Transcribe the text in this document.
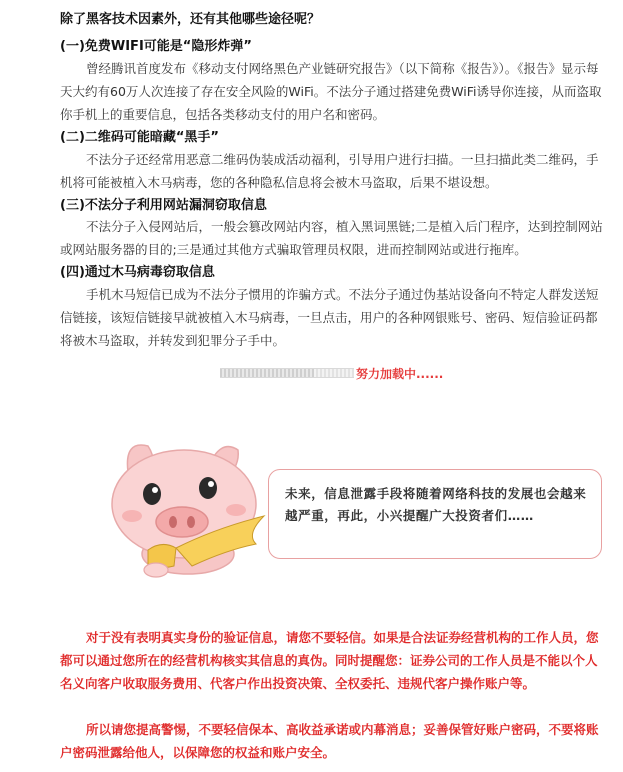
除了黑客技术因素外，还有其他哪些途径呢？
(一)免费WIFI可能是“隐形炸弹”
曾经腾讯首度发布《移动支付网络黑色产业链研究报告》（以下简称《报告》）。《报告》显示每天大约有60万人次连接了存在安全风险的WiFi。不法分子通过搭建免费WiFi诱导你连接，从而盗取你手机上的重要信息，包括各类移动支付的用户名和密码。
(二)二维码可能暗藏“黑手”
不法分子还经常用恶意二维码伪装成活动福利，引导用户进行扫描。一旦扫描此类二维码，手机将可能被植入木马病毒，您的各种隐私信息将会被木马盗取，后果不堪设想。
(三)不法分子利用网站漏洞窃取信息
不法分子入侵网站后，一般会篡改网站内容，植入黑词黑链;二是植入后门程序，达到控制网站或网站服务器的目的;三是通过其他方式骗取管理员权限，进而控制网站或进行拖库。
(四)通过木马病毒窃取信息
手机木马短信已成为不法分子惯用的诈骗方式。不法分子通过伪基站设备向不特定人群发送短信链接，该短信链接早就被植入木马病毒，一旦点击，用户的各种网银账号、密码、短信验证码都将被木马盗取，并转发到犯罪分子手中。
努力加载中......
未来，信息泄露手段将随着网络科技的发展也会越来越严重，再此，小兴提醒广大投资者们……
对于没有表明真实身份的验证信息，请您不要轻信。如果是合法证券经营机构的工作人员，您都可以通过您所在的经营机构核实其信息的真伪。同时提醒您：证券公司的工作人员是不能以个人名义向客户收取服务费用、代客户作出投资决策、全权委托、违规代客户操作账户等。
所以请您提高警惕，不要轻信保本、高收益承诺或内幕消息；妥善保管好账户密码，不要将账户密码泄露给他人，以保障您的权益和账户安全。
